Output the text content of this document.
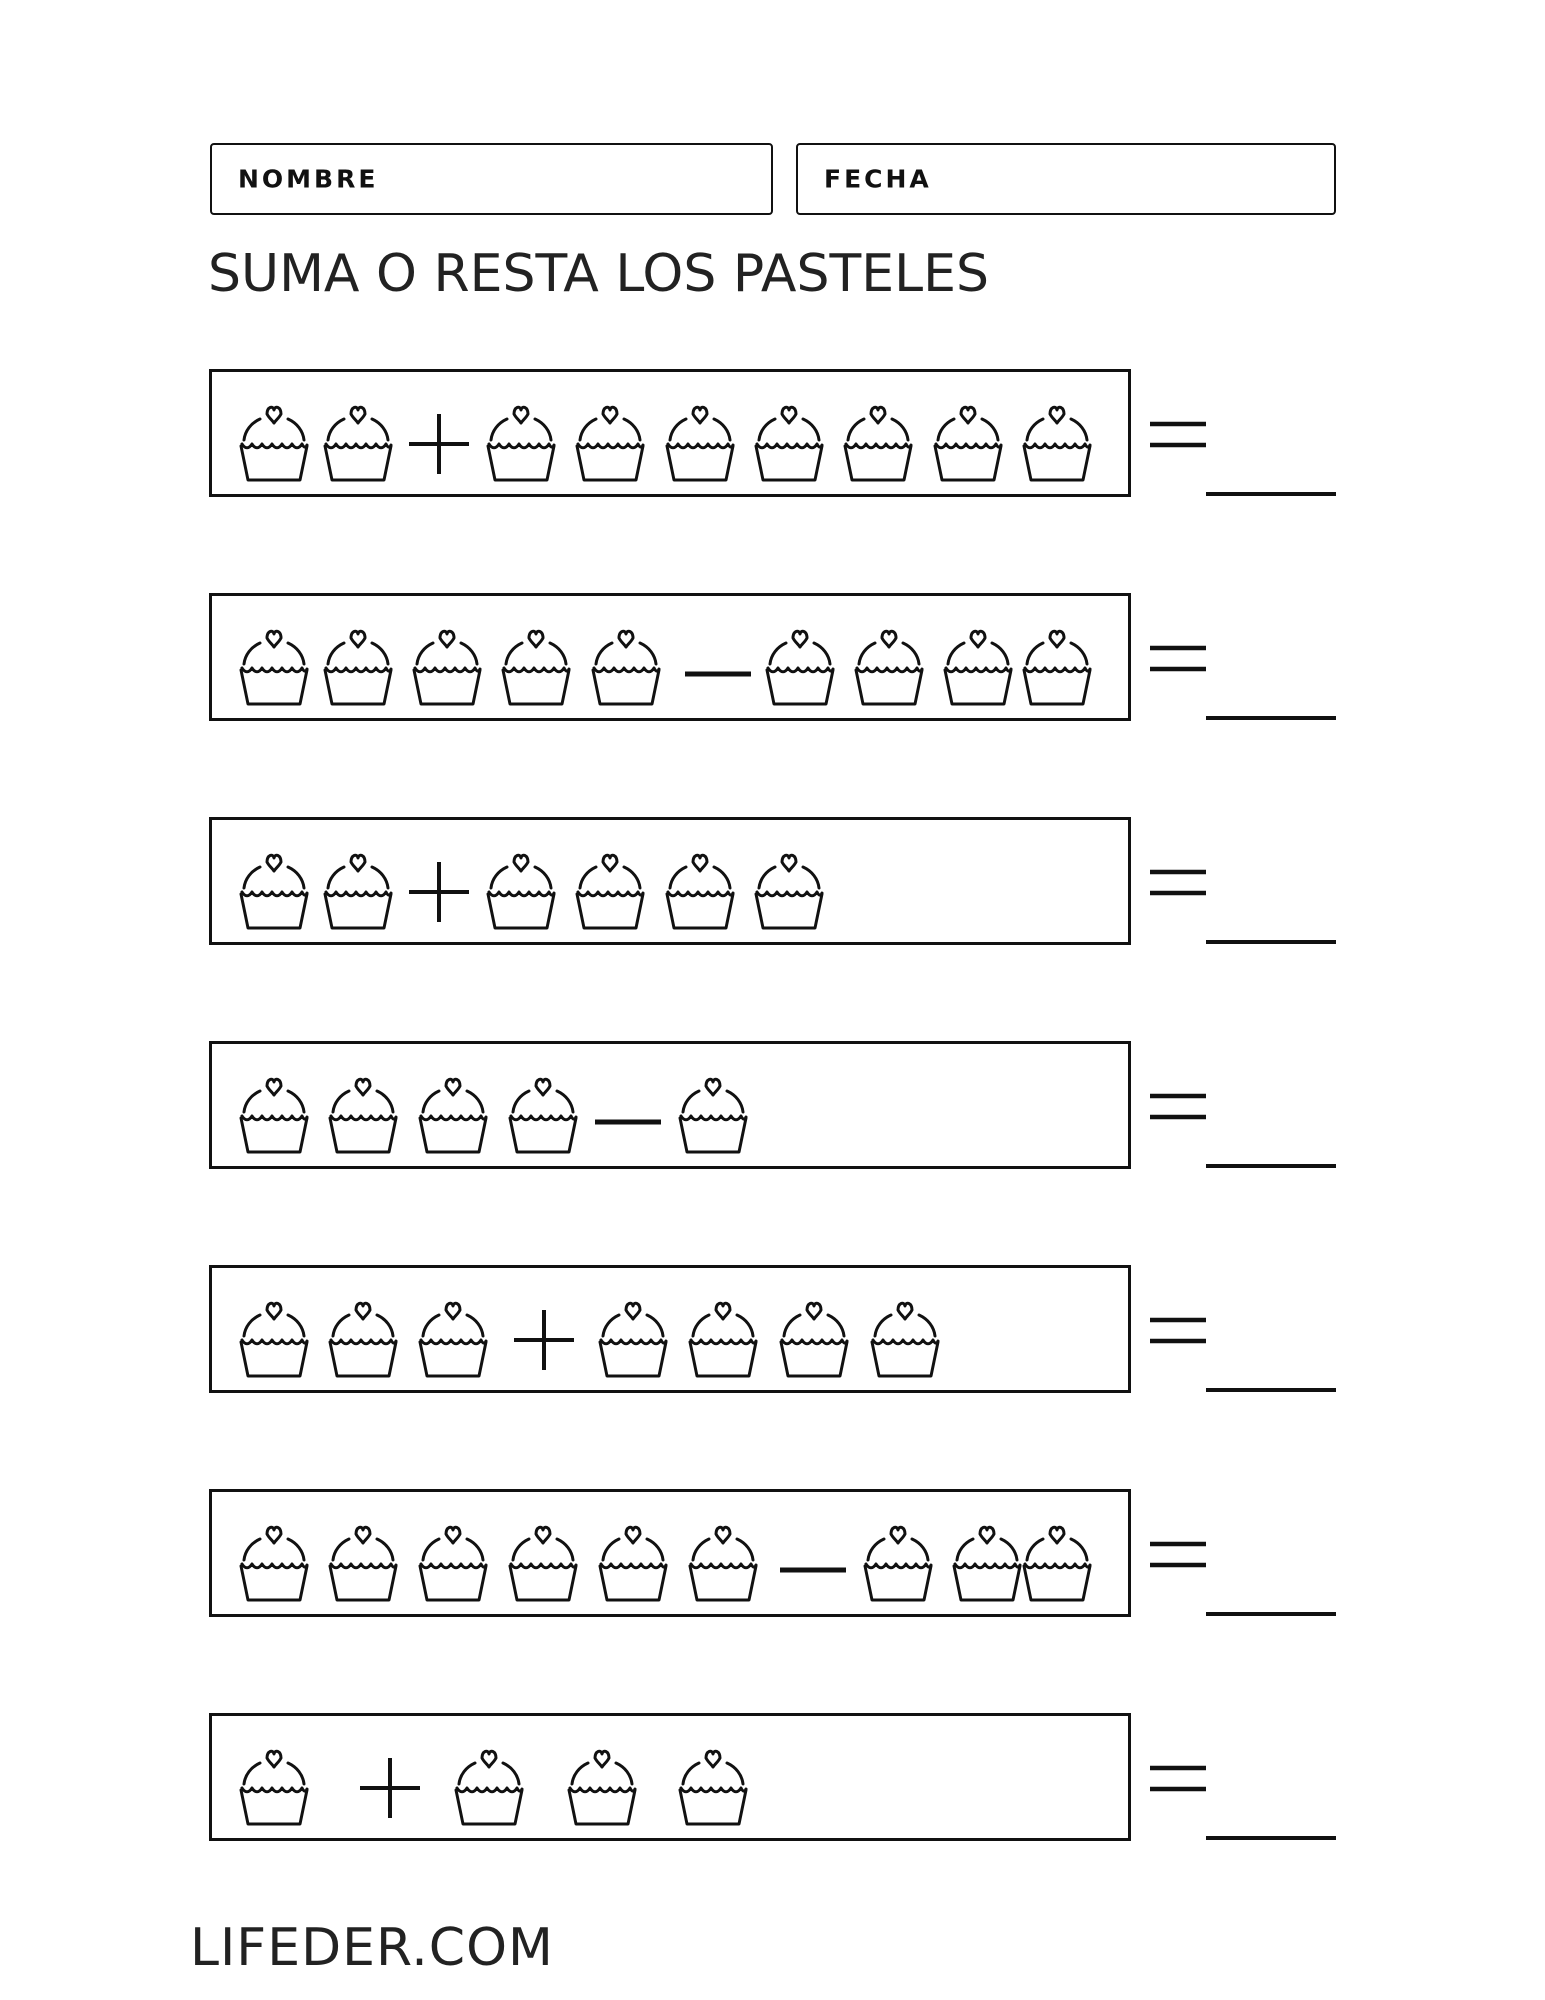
NOMBRE	FECHA
SUMA O RESTA LOS PASTELES
LIFEDER.COM
